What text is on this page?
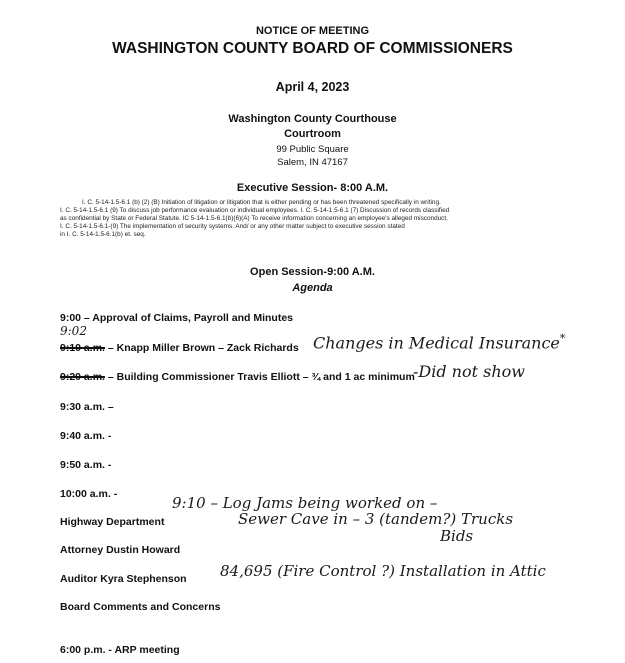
NOTICE OF MEETING
WASHINGTON COUNTY BOARD OF COMMISSIONERS
April 4, 2023
Washington County Courthouse
Courtroom
99 Public Square
Salem, IN 47167
Executive Session- 8:00 A.M.
I. C. 5-14-1.5-6.1 (b) (2) (B) Initiation of litigation or litigation that is either pending or has been threatened specifically in writing.
I. C. 5-14-1.5-6.1 (9) To discuss job performance evaluation or individual employees. I. C. 5-14-1.5-6.1 (7) Discussion of records classified
as confidential by State or Federal Statute. IC 5-14-1.5-6.1(b)(6)(A) To receive information concerning an employee's alleged misconduct.
I. C. 5-14-1.5-6.1-(9) The implementation of security systems. And/ or any other matter subject to executive session stated
in I. C. 5-14-1.5-6.1(b) et. seq.
Open Session-9:00 A.M.
Agenda
9:00 – Approval of Claims, Payroll and Minutes
9:02
9:10 a.m. – Knapp Miller Brown – Zack Richards Changes in Medical Insurance*
9:20 a.m. – Building Commissioner Travis Elliott – ¾ and 1 ac minimum
-Did not show
9:30 a.m. –
9:40 a.m. -
9:50 a.m. -
10:00 a.m. -
Highway Department
9:10 – Log Jams being worked on –
Sewer Cave in – 3 (tandem?) Trucks
Bids
Attorney Dustin Howard
Auditor Kyra Stephenson 84,695 (Fire Control ?) Installation in Attic
Board Comments and Concerns
6:00 p.m. - ARP meeting
